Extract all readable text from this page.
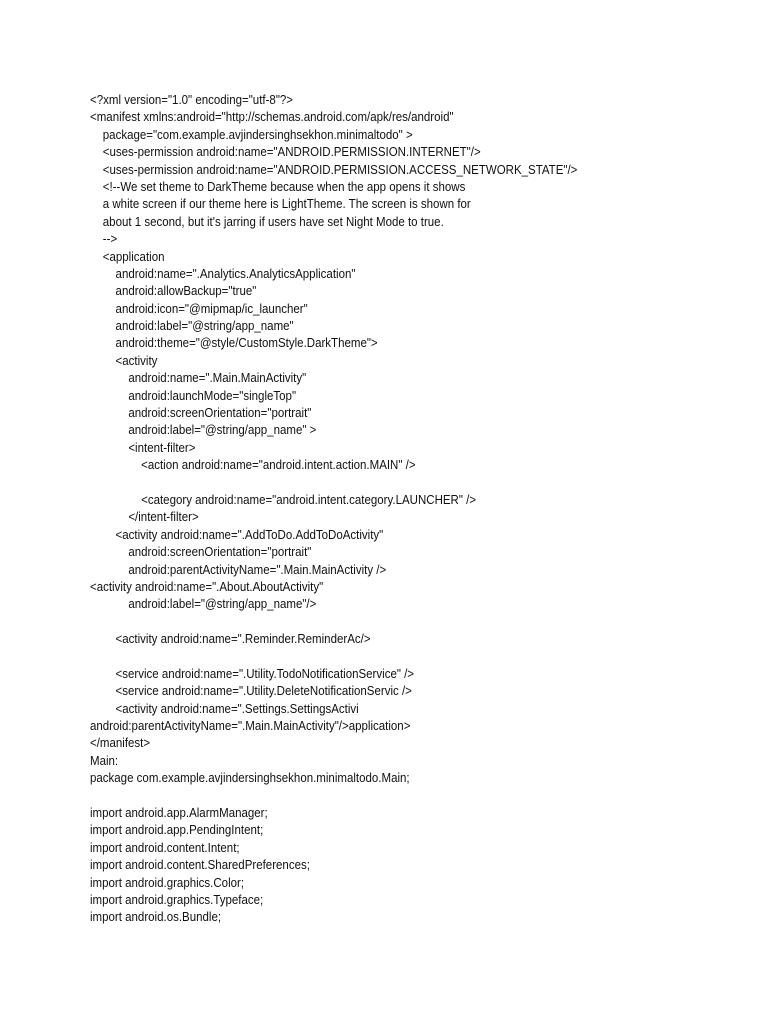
<?xml version="1.0" encoding="utf-8"?>
<manifest xmlns:android="http://schemas.android.com/apk/res/android"
package="com.example.avjindersinghsekhon.minimaltodo" >
<uses-permission android:name="ANDROID.PERMISSION.INTERNET"/>
<uses-permission android:name="ANDROID.PERMISSION.ACCESS_NETWORK_STATE"/>
<!--We set theme to DarkTheme because when the app opens it shows
a white screen if our theme here is LightTheme. The screen is shown for
about 1 second, but it's jarring if users have set Night Mode to true.
-->
<application
android:name=".Analytics.AnalyticsApplication"
android:allowBackup="true"
android:icon="@mipmap/ic_launcher"
android:label="@string/app_name"
android:theme="@style/CustomStyle.DarkTheme">
<activity
android:name=".Main.MainActivity"
android:launchMode="singleTop"
android:screenOrientation="portrait"
android:label="@string/app_name" >
<intent-filter>
<action android:name="android.intent.action.MAIN" />
<category android:name="android.intent.category.LAUNCHER" />
</intent-filter>
<activity android:name=".AddToDo.AddToDoActivity"
android:screenOrientation="portrait"
android:parentActivityName=".Main.MainActivity />
<activity android:name=".About.AboutActivity"
android:label="@string/app_name"/>
<activity android:name=".Reminder.ReminderAc/>
<service android:name=".Utility.TodoNotificationService" />
<service android:name=".Utility.DeleteNotificationServic />
<activity android:name=".Settings.SettingsActivi
android:parentActivityName=".Main.MainActivity"/>application>
</manifest>
Main:
package com.example.avjindersinghsekhon.minimaltodo.Main;
import android.app.AlarmManager;
import android.app.PendingIntent;
import android.content.Intent;
import android.content.SharedPreferences;
import android.graphics.Color;
import android.graphics.Typeface;
import android.os.Bundle;
